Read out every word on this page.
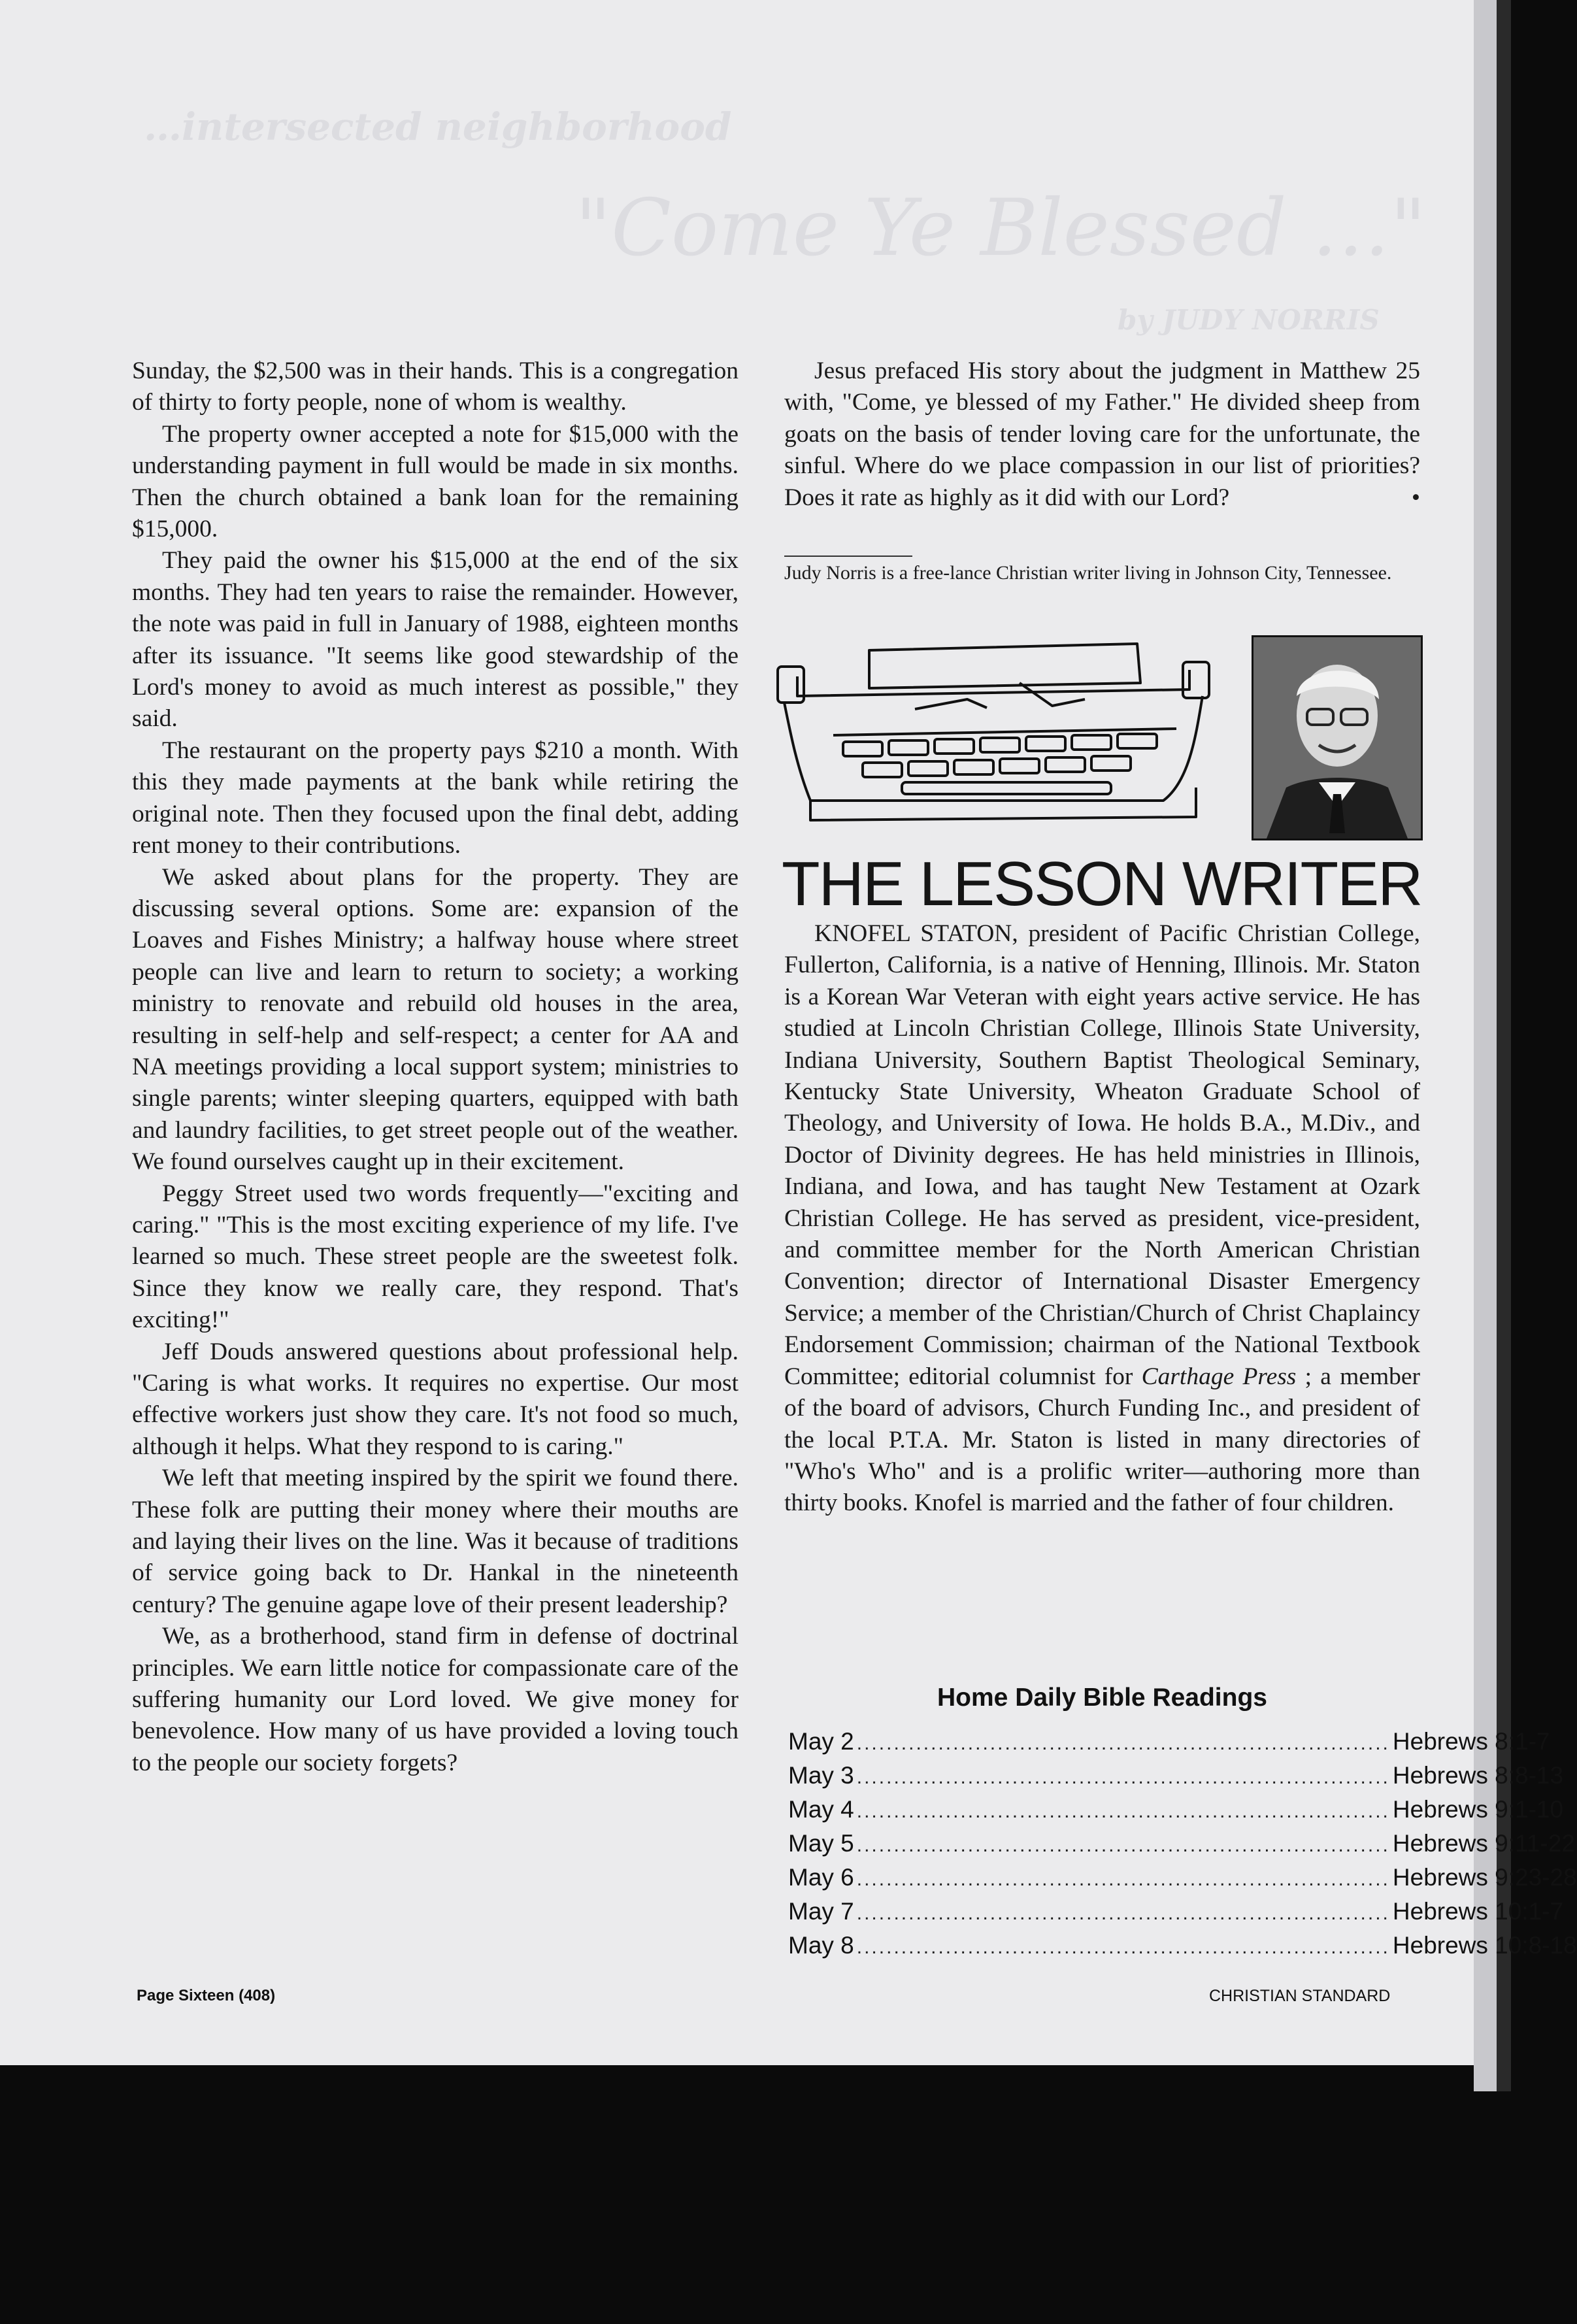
…intersected neighborhood
"Come Ye Blessed …"
by JUDY NORRIS

Sunday, the $2,500 was in their hands. This is a congregation of thirty to forty people, none of whom is wealthy.

The property owner accepted a note for $15,000 with the understanding payment in full would be made in six months. Then the church obtained a bank loan for the remaining $15,000.

They paid the owner his $15,000 at the end of the six months. They had ten years to raise the remainder. However, the note was paid in full in January of 1988, eighteen months after its issuance. "It seems like good stewardship of the Lord's money to avoid as much interest as possible," they said.

The restaurant on the property pays $210 a month. With this they made payments at the bank while retiring the original note. Then they focused upon the final debt, adding rent money to their contributions.

We asked about plans for the property. They are discussing several options. Some are: expansion of the Loaves and Fishes Ministry; a halfway house where street people can live and learn to return to society; a working ministry to renovate and rebuild old houses in the area, resulting in self-help and self-respect; a center for AA and NA meetings providing a local support system; ministries to single parents; winter sleeping quarters, equipped with bath and laundry facilities, to get street people out of the weather. We found ourselves caught up in their excitement.

Peggy Street used two words frequently—"exciting and caring." "This is the most exciting experience of my life. I've learned so much. These street people are the sweetest folk. Since they know we really care, they respond. That's exciting!"

Jeff Douds answered questions about professional help. "Caring is what works. It requires no expertise. Our most effective workers just show they care. It's not food so much, although it helps. What they respond to is caring."

We left that meeting inspired by the spirit we found there. These folk are putting their money where their mouths are and laying their lives on the line. Was it because of traditions of service going back to Dr. Hankal in the nineteenth century? The genuine agape love of their present leadership?

We, as a brotherhood, stand firm in defense of doctrinal principles. We earn little notice for compassionate care of the suffering humanity our Lord loved. We give money for benevolence. How many of us have provided a loving touch to the people our society forgets?

Jesus prefaced His story about the judgment in Matthew 25 with, "Come, ye blessed of my Father." He divided sheep from goats on the basis of tender loving care for the unfortunate, the sinful. Where do we place compassion in our list of priorities? Does it rate as highly as it did with our Lord?	•

Judy Norris is a free-lance Christian writer living in Johnson City, Tennessee.
THE LESSON WRITER

KNOFEL STATON, president of Pacific Christian College, Fullerton, California, is a native of Henning, Illinois. Mr. Staton is a Korean War Veteran with eight years active service. He has studied at Lincoln Christian College, Illinois State University, Indiana University, Southern Baptist Theological Seminary, Kentucky State University, Wheaton Graduate School of Theology, and University of Iowa. He holds B.A., M.Div., and Doctor of Divinity degrees. He has held ministries in Illinois, Indiana, and Iowa, and has taught New Testament at Ozark Christian College. He has served as president, vice-president, and committee member for the North American Christian Convention; director of International Disaster Emergency Service; a member of the Christian/Church of Christ Chaplaincy Endorsement Commission; chairman of the National Textbook Committee; editorial columnist for Carthage Press ; a member of the board of advisors, Church Funding Inc., and president of the local P.T.A. Mr. Staton is listed in many directories of "Who's Who" and is a prolific writer—authoring more than thirty books. Knofel is married and the father of four children.

Home Daily Bible Readings
May 2 ........................................................................ Hebrews 8:1-7
May 3 ........................................................................ Hebrews 8:8-13
May 4 ........................................................................ Hebrews 9:1-10
May 5 ........................................................................ Hebrews 9:11-22
May 6 ........................................................................ Hebrews 9:23-28
May 7 ........................................................................ Hebrews 10:1-7
May 8 ........................................................................ Hebrews 10:8-18
Page Sixteen (408)	CHRISTIAN STANDARD
